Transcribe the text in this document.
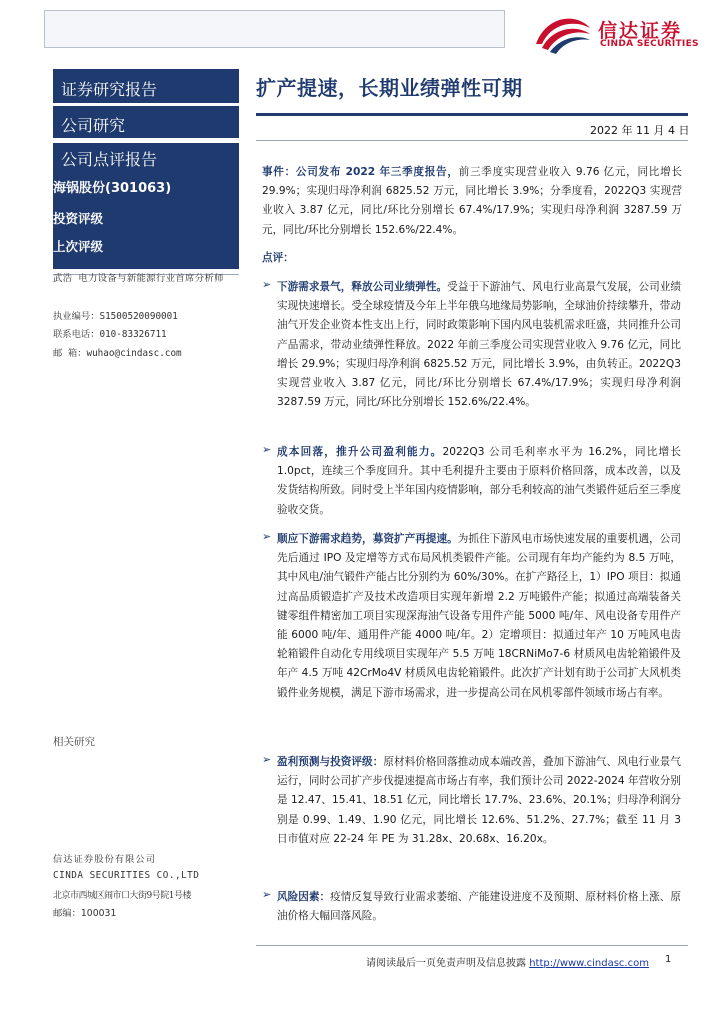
信达证券
CINDA SECURITIES
证券研究报告
公司研究
公司点评报告
海锅股份(301063)
投资评级
上次评级
武浩 电力设备与新能源行业首席分析师
执业编号：S1500520090001
联系电话：010-83326711
邮 箱：wuhao@cindasc.com
相关研究
信达证券股份有限公司
CINDA SECURITIES CO.,LTD
北京市西城区闹市口大街9号院1号楼
邮编：100031
扩产提速，长期业绩弹性可期
2022 年 11 月 4 日
事件：公司发布 2022 年三季度报告，前三季度实现营业收入 9.76 亿元，同比增长 29.9%；实现归母净利润 6825.52 万元，同比增长 3.9%；分季度看，2022Q3 实现营业收入 3.87 亿元，同比/环比分别增长 67.4%/17.9%；实现归母净利润 3287.59 万元，同比/环比分别增长 152.6%/22.4%。
点评：
➢ 下游需求景气，释放公司业绩弹性。受益于下游油气、风电行业高景气发展，公司业绩实现快速增长。受全球疫情及今年上半年俄乌地缘局势影响，全球油价持续攀升，带动油气开发企业资本性支出上行，同时政策影响下国内风电装机需求旺盛，共同推升公司产品需求，带动业绩弹性释放。2022 年前三季度公司实现营业收入 9.76 亿元，同比增长 29.9%；实现归母净利润 6825.52 万元，同比增长 3.9%，由负转正。2022Q3 实现营业收入 3.87 亿元，同比/环比分别增长 67.4%/17.9%；实现归母净利润 3287.59 万元，同比/环比分别增长 152.6%/22.4%。
➢ 成本回落，推升公司盈利能力。2022Q3 公司毛利率水平为 16.2%，同比增长 1.0pct，连续三个季度回升。其中毛利提升主要由于原料价格回落，成本改善，以及发货结构所致。同时受上半年国内疫情影响，部分毛利较高的油气类锻件延后至三季度验收交货。
➢ 顺应下游需求趋势，募资扩产再提速。为抓住下游风电市场快速发展的重要机遇，公司先后通过 IPO 及定增等方式布局风机类锻件产能。公司现有年均产能约为 8.5 万吨，其中风电/油气锻件产能占比分别约为 60%/30%。在扩产路径上，1）IPO 项目：拟通过高品质锻造扩产及技术改造项目实现年新增 2.2 万吨锻件产能；拟通过高端装备关键零组件精密加工项目实现深海油气设备专用件产能 5000 吨/年、风电设备专用件产能 6000 吨/年、通用件产能 4000 吨/年。2）定增项目：拟通过年产 10 万吨风电齿轮箱锻件自动化专用线项目实现年产 5.5 万吨 18CRNiMo7-6 材质风电齿轮箱锻件及年产 4.5 万吨 42CrMo4V 材质风电齿轮箱锻件。此次扩产计划有助于公司扩大风机类锻件业务规模，满足下游市场需求，进一步提高公司在风机零部件领域市场占有率。
➢ 盈利预测与投资评级：原材料价格回落推动成本端改善，叠加下游油气、风电行业景气运行，同时公司扩产步伐提速提高市场占有率，我们预计公司 2022-2024 年营收分别是 12.47、15.41、18.51 亿元，同比增长 17.7%、23.6%、20.1%；归母净利润分别是 0.99、1.49、1.90 亿元，同比增长 12.6%、51.2%、27.7%；截至 11 月 3 日市值对应 22-24 年 PE 为 31.28x、20.68x、16.20x。
➢ 风险因素：疫情反复导致行业需求萎缩、产能建设进度不及预期、原材料价格上涨、原油价格大幅回落风险。
请阅读最后一页免责声明及信息披露 http://www.cindasc.com 1
